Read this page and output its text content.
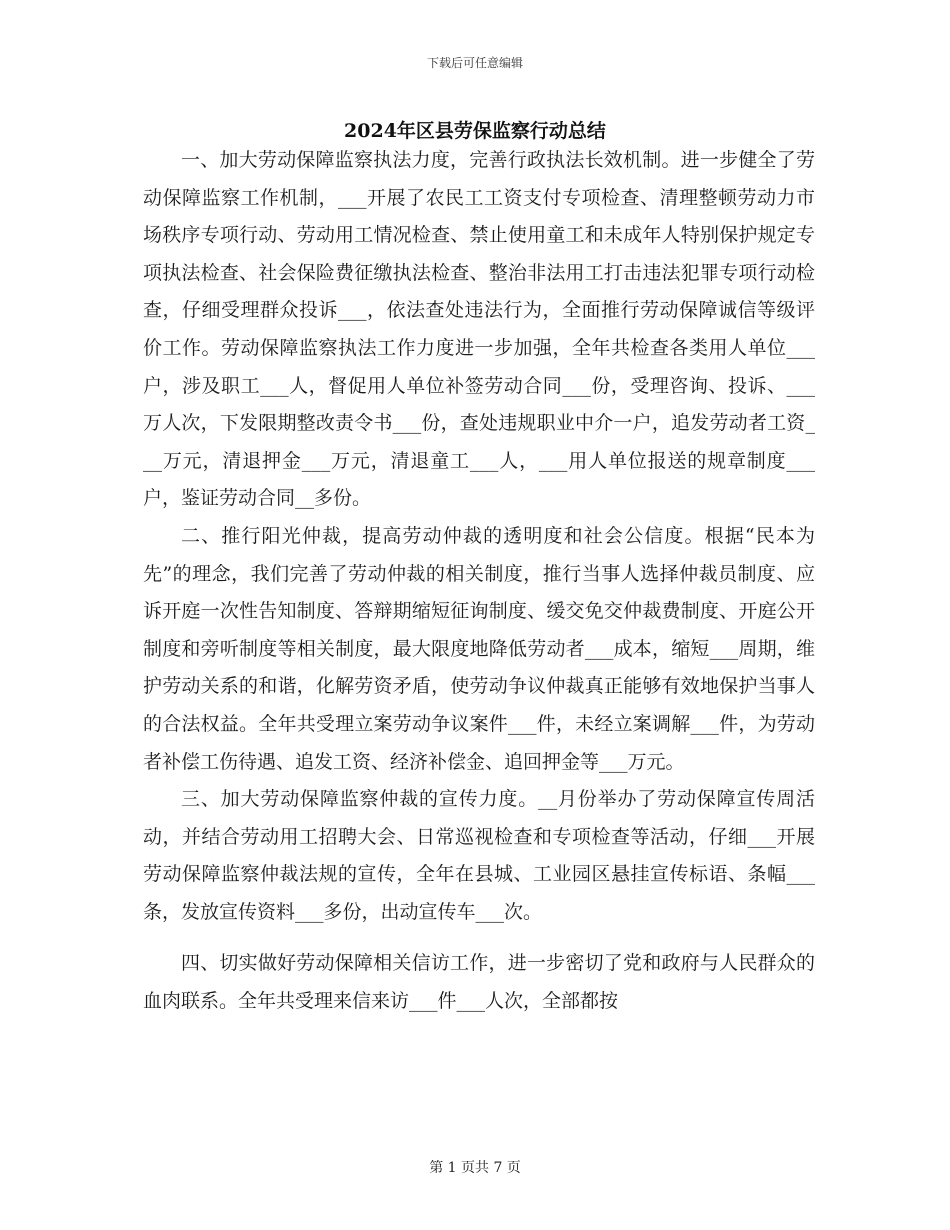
下载后可任意编辑
2024年区县劳保监察行动总结

一、加大劳动保障监察执法力度，完善行政执法长效机制。进一步健全了劳动保障监察工作机制，___开展了农民工工资支付专项检查、清理整顿劳动力市场秩序专项行动、劳动用工情况检查、禁止使用童工和未成年人特别保护规定专项执法检查、社会保险费征缴执法检查、整治非法用工打击违法犯罪专项行动检查，仔细受理群众投诉___，依法查处违法行为，全面推行劳动保障诚信等级评价工作。劳动保障监察执法工作力度进一步加强，全年共检查各类用人单位___户，涉及职工___人，督促用人单位补签劳动合同___份，受理咨询、投诉、___万人次，下发限期整改责令书___份，查处违规职业中介一户，追发劳动者工资___万元，清退押金___万元，清退童工___人，___用人单位报送的规章制度___户，鉴证劳动合同__多份。

二、推行阳光仲裁，提高劳动仲裁的透明度和社会公信度。根据“民本为先”的理念，我们完善了劳动仲裁的相关制度，推行当事人选择仲裁员制度、应诉开庭一次性告知制度、答辩期缩短征询制度、缓交免交仲裁费制度、开庭公开制度和旁听制度等相关制度，最大限度地降低劳动者___成本，缩短___周期，维护劳动关系的和谐，化解劳资矛盾，使劳动争议仲裁真正能够有效地保护当事人的合法权益。全年共受理立案劳动争议案件___件，未经立案调解___件，为劳动者补偿工伤待遇、追发工资、经济补偿金、追回押金等___万元。

三、加大劳动保障监察仲裁的宣传力度。__月份举办了劳动保障宣传周活动，并结合劳动用工招聘大会、日常巡视检查和专项检查等活动，仔细___开展劳动保障监察仲裁法规的宣传，全年在县城、工业园区悬挂宣传标语、条幅___条，发放宣传资料___多份，出动宣传车___次。

四、切实做好劳动保障相关信访工作，进一步密切了党和政府与人民群众的血肉联系。全年共受理来信来访___件___人次，全部都按

第 1 页共 7 页
